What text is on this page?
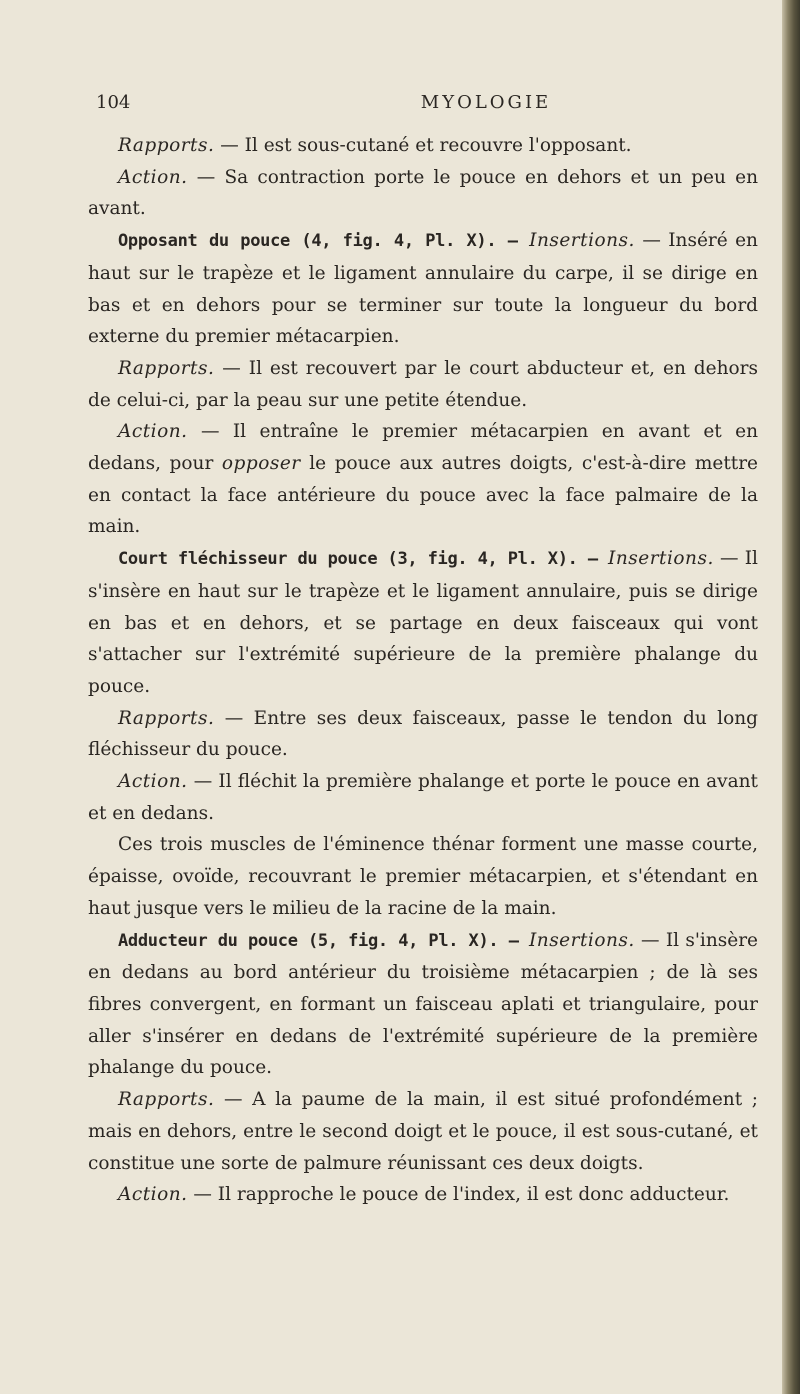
104	MYOLOGIE

Rapports. — Il est sous-cutané et recouvre l'opposant.

Action. — Sa contraction porte le pouce en dehors et un peu en avant.

Opposant du pouce (4, fig. 4, Pl. X). — Insertions. — Inséré en haut sur le trapèze et le ligament annulaire du carpe, il se dirige en bas et en dehors pour se terminer sur toute la longueur du bord externe du premier métacarpien.

Rapports. — Il est recouvert par le court abducteur et, en dehors de celui-ci, par la peau sur une petite étendue.

Action. — Il entraîne le premier métacarpien en avant et en dedans, pour opposer le pouce aux autres doigts, c'est-à-dire mettre en contact la face antérieure du pouce avec la face palmaire de la main.

Court fléchisseur du pouce (3, fig. 4, Pl. X). — Insertions. — Il s'insère en haut sur le trapèze et le ligament annulaire, puis se dirige en bas et en dehors, et se partage en deux faisceaux qui vont s'attacher sur l'extrémité supérieure de la première phalange du pouce.

Rapports. — Entre ses deux faisceaux, passe le tendon du long fléchisseur du pouce.

Action. — Il fléchit la première phalange et porte le pouce en avant et en dedans.

Ces trois muscles de l'éminence thénar forment une masse courte, épaisse, ovoïde, recouvrant le premier métacarpien, et s'étendant en haut jusque vers le milieu de la racine de la main.

Adducteur du pouce (5, fig. 4, Pl. X). — Insertions. — Il s'insère en dedans au bord antérieur du troisième métacarpien ; de là ses fibres convergent, en formant un faisceau aplati et triangulaire, pour aller s'insérer en dedans de l'extrémité supérieure de la première phalange du pouce.

Rapports. — A la paume de la main, il est situé profondément ; mais en dehors, entre le second doigt et le pouce, il est sous-cutané, et constitue une sorte de palmure réunissant ces deux doigts.

Action. — Il rapproche le pouce de l'index, il est donc adducteur.
